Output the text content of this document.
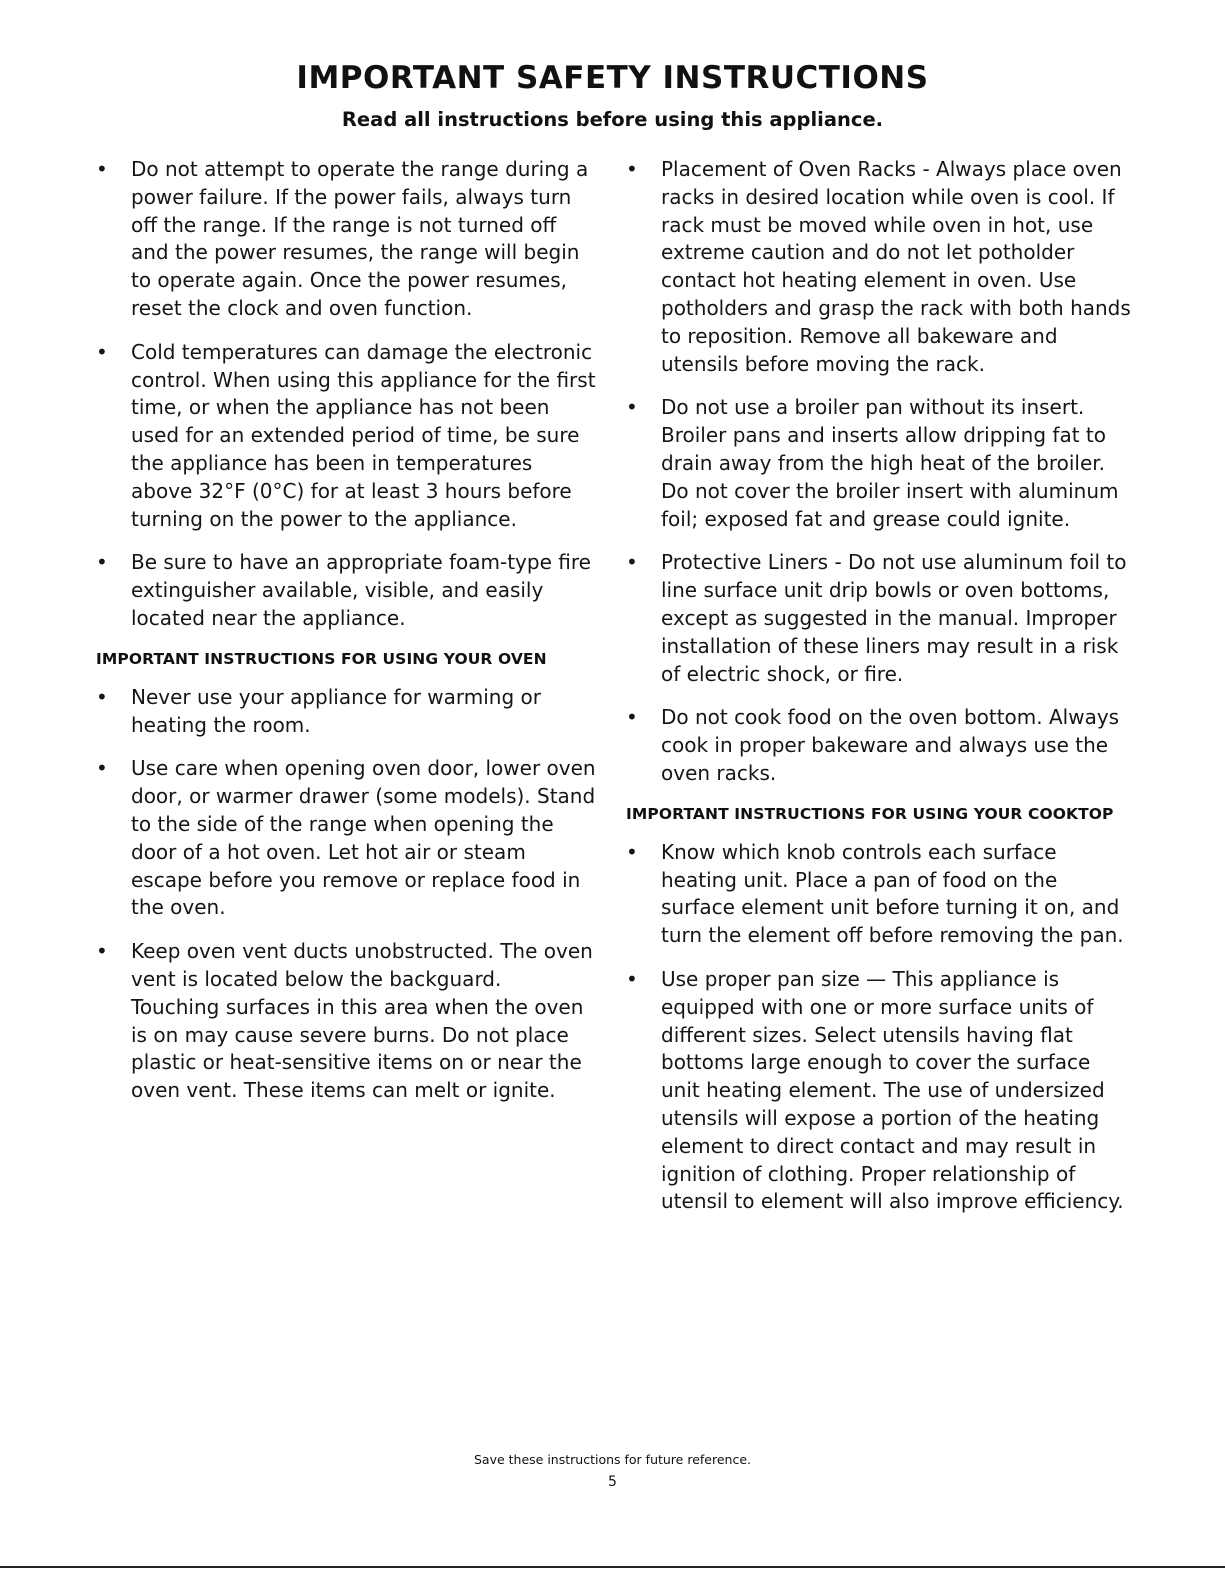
IMPORTANT SAFETY INSTRUCTIONS
Read all instructions before using this appliance.
•	Do not attempt to operate the range during a power failure. If the power fails, always turn off the range. If the range is not turned off and the power resumes, the range will begin to operate again. Once the power resumes, reset the clock and oven function.
•	Cold temperatures can damage the electronic control. When using this appliance for the first time, or when the appliance has not been used for an extended period of time, be sure the appliance has been in temperatures above 32°F (0°C) for at least 3 hours before turning on the power to the appliance.
•	Be sure to have an appropriate foam-type fire extinguisher available, visible, and easily located near the appliance.
IMPORTANT INSTRUCTIONS FOR USING YOUR OVEN
•	Never use your appliance for warming or heating the room.
•	Use care when opening oven door, lower oven door, or warmer drawer (some models). Stand to the side of the range when opening the door of a hot oven. Let hot air or steam escape before you remove or replace food in the oven.
•	Keep oven vent ducts unobstructed. The oven vent is located below the backguard. Touching surfaces in this area when the oven is on may cause severe burns. Do not place plastic or heat-sensitive items on or near the oven vent. These items can melt or ignite.
•	Placement of Oven Racks - Always place oven racks in desired location while oven is cool. If rack must be moved while oven in hot, use extreme caution and do not let potholder contact hot heating element in oven. Use potholders and grasp the rack with both hands to reposition. Remove all bakeware and utensils before moving the rack.
•	Do not use a broiler pan without its insert. Broiler pans and inserts allow dripping fat to drain away from the high heat of the broiler. Do not cover the broiler insert with aluminum foil; exposed fat and grease could ignite.
•	Protective Liners - Do not use aluminum foil to line surface unit drip bowls or oven bottoms, except as suggested in the manual. Improper installation of these liners may result in a risk of electric shock, or fire.
•	Do not cook food on the oven bottom. Always cook in proper bakeware and always use the oven racks.
IMPORTANT INSTRUCTIONS FOR USING YOUR COOKTOP
•	Know which knob controls each surface heating unit. Place a pan of food on the surface element unit before turning it on, and turn the element off before removing the pan.
•	Use proper pan size — This appliance is equipped with one or more surface units of different sizes. Select utensils having flat bottoms large enough to cover the surface unit heating element. The use of undersized utensils will expose a portion of the heating element to direct contact and may result in ignition of clothing. Proper relationship of utensil to element will also improve efficiency.
Save these instructions for future reference.
5
